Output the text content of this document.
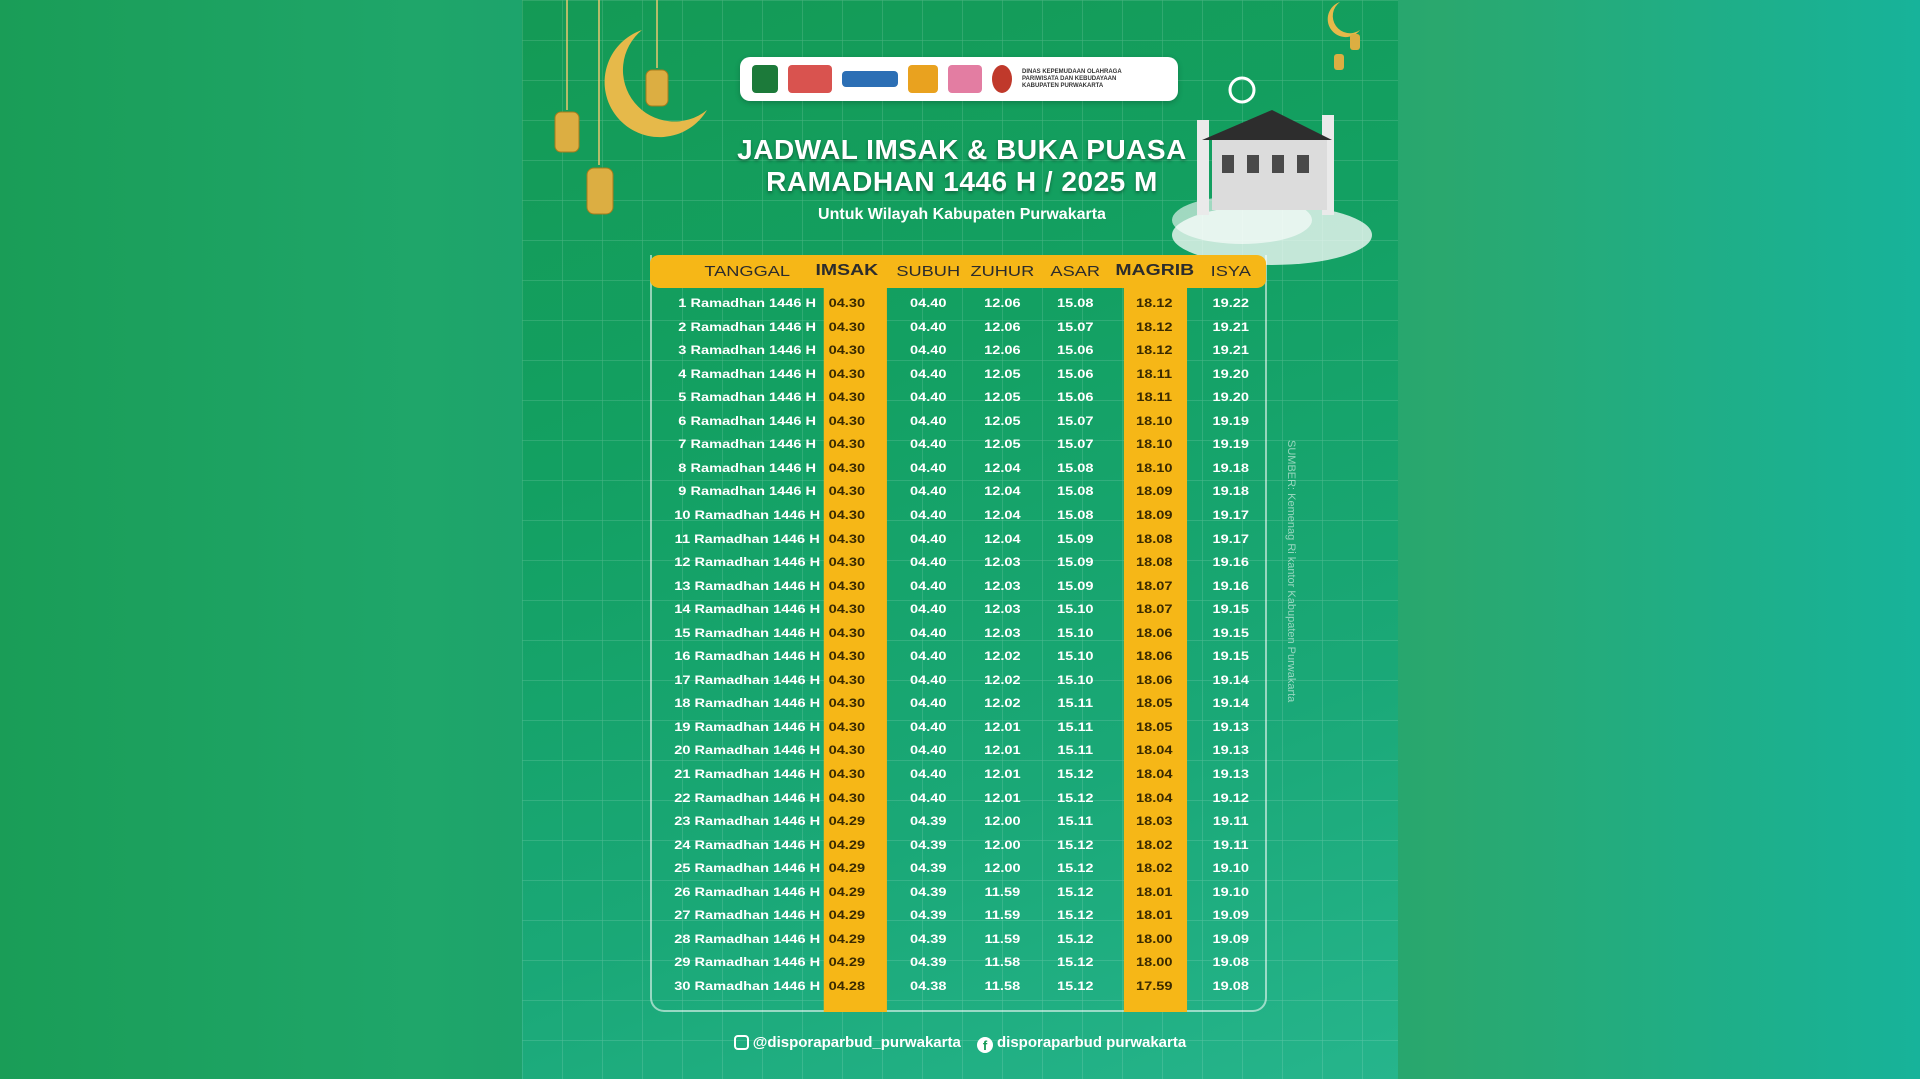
DINAS KEPEMUDAAN OLAHRAGA PARIWISATA DAN KEBUDAYAAN KABUPATEN PURWAKARTA
JADWAL IMSAK & BUKA PUASA
RAMADHAN 1446 H / 2025 M
Untuk Wilayah Kabupaten Purwakarta
TANGGAL	IMSAK	SUBUH ZUHUR	ASAR MAGRIB	ISYA
1 Ramadhan 1446 H	04.30	04.40	12.06	15.08	18.12	19.22
2 Ramadhan 1446 H	04.30	04.40	12.06	15.07	18.12	19.21
3 Ramadhan 1446 H	04.30	04.40	12.06	15.06	18.12	19.21
4 Ramadhan 1446 H	04.30	04.40	12.05	15.06	18.11	19.20
5 Ramadhan 1446 H	04.30	04.40	12.05	15.06	18.11	19.20
6 Ramadhan 1446 H	04.30	04.40	12.05	15.07	18.10	19.19
7 Ramadhan 1446 H	04.30	04.40	12.05	15.07	18.10	19.19
8 Ramadhan 1446 H	04.30	04.40	12.04	15.08	18.10	19.18
9 Ramadhan 1446 H	04.30	04.40	12.04	15.08	18.09	19.18
10 Ramadhan 1446 H 04.30	04.40	12.04	15.08	18.09	19.17
11 Ramadhan 1446 H 04.30	04.40	12.04	15.09	18.08	19.17
12 Ramadhan 1446 H 04.30	04.40	12.03	15.09	18.08	19.16
13 Ramadhan 1446 H 04.30	04.40	12.03	15.09	18.07	19.16
14 Ramadhan 1446 H 04.30	04.40	12.03	15.10	18.07	19.15
15 Ramadhan 1446 H 04.30	04.40	12.03	15.10	18.06	19.15
16 Ramadhan 1446 H 04.30	04.40	12.02	15.10	18.06	19.15
17 Ramadhan 1446 H 04.30	04.40	12.02	15.10	18.06	19.14
18 Ramadhan 1446 H 04.30	04.40	12.02	15.11	18.05	19.14
19 Ramadhan 1446 H 04.30	04.40	12.01	15.11	18.05	19.13
20 Ramadhan 1446 H 04.30	04.40	12.01	15.11	18.04	19.13
21 Ramadhan 1446 H 04.30	04.40	12.01	15.12	18.04	19.13
22 Ramadhan 1446 H 04.30	04.40	12.01	15.12	18.04	19.12
23 Ramadhan 1446 H 04.29	04.39	12.00	15.11	18.03	19.11
24 Ramadhan 1446 H 04.29	04.39	12.00	15.12	18.02	19.11
25 Ramadhan 1446 H 04.29	04.39	12.00	15.12	18.02	19.10
26 Ramadhan 1446 H 04.29	04.39	11.59	15.12	18.01	19.10
27 Ramadhan 1446 H 04.29	04.39	11.59	15.12	18.01	19.09
28 Ramadhan 1446 H 04.29	04.39	11.59	15.12	18.00	19.09
29 Ramadhan 1446 H 04.29	04.39	11.58	15.12	18.00	19.08
30 Ramadhan 1446 H 04.28	04.38	11.58	15.12	17.59	19.08
SUMBER: Kemenag Ri kantor Kabupaten Purwakarta
@disporaparbud_purwakarta f disporaparbud purwakarta
